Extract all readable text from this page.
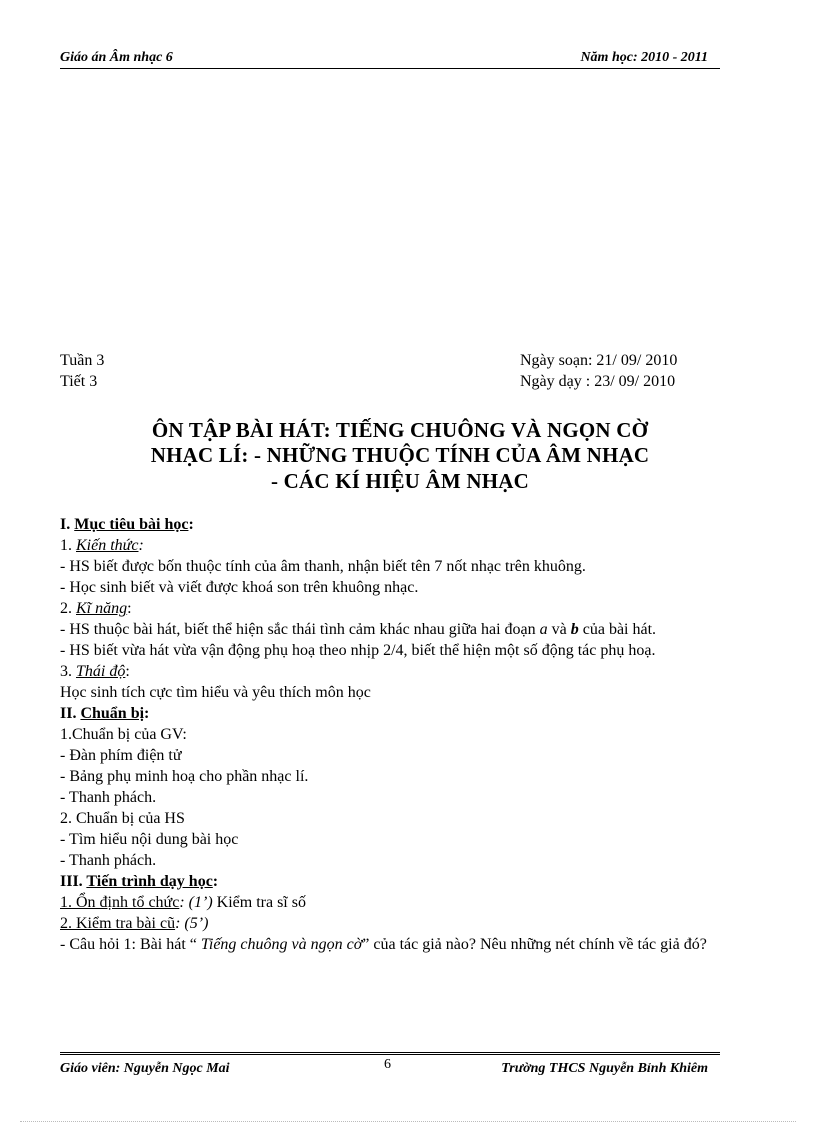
Giáo án Âm nhạc 6	Năm học: 2010 - 2011
Tuần 3	Ngày soạn: 21/ 09/ 2010
Tiết 3	Ngày dạy : 23/ 09/ 2010
ÔN TẬP BÀI HÁT: TIẾNG CHUÔNG VÀ NGỌN CỜ
NHẠC LÍ: - NHỮNG THUỘC TÍNH CỦA ÂM NHẠC
- CÁC KÍ HIỆU ÂM NHẠC

I. Mục tiêu bài học:

1. Kiến thức:

- HS biết được bốn thuộc tính của âm thanh, nhận biết tên 7 nốt nhạc trên khuông.

- Học sinh biết và viết được khoá son trên khuông nhạc.

2. Kĩ năng:

- HS thuộc bài hát, biết thể hiện sắc thái tình cảm khác nhau giữa hai đoạn a và b của bài hát.

- HS biết vừa hát vừa vận động phụ hoạ theo nhịp 2/4, biết thể hiện một số động tác phụ hoạ.

3. Thái độ:

Học sinh tích cực tìm hiểu và yêu thích môn học

II. Chuẩn bị:

1.Chuẩn bị của GV:

- Đàn phím điện tử

- Bảng phụ minh hoạ cho phần nhạc lí.

- Thanh phách.

2. Chuẩn bị của HS

- Tìm hiểu nội dung bài học

- Thanh phách.

III. Tiến trình dạy học:

1. Ổn định tổ chức: (1’) Kiểm tra sĩ số

2. Kiểm tra bài cũ: (5’)

- Câu hỏi 1: Bài hát “ Tiếng chuông và ngọn cờ” của tác giả nào? Nêu những nét chính về tác giả đó?

Giáo viên: Nguyễn Ngọc Mai	6	Trường THCS Nguyễn Bỉnh Khiêm
